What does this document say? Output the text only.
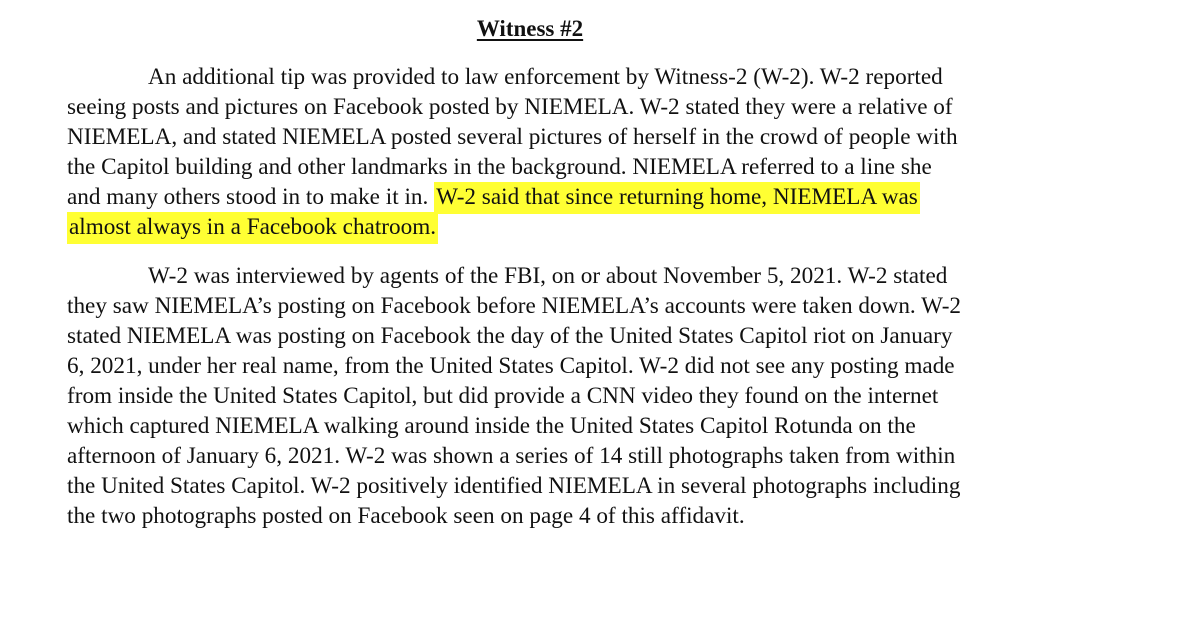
Witness #2
An additional tip was provided to law enforcement by Witness-2 (W-2). W-2 reported
seeing posts and pictures on Facebook posted by NIEMELA. W-2 stated they were a relative of
NIEMELA, and stated NIEMELA posted several pictures of herself in the crowd of people with
the Capitol building and other landmarks in the background. NIEMELA referred to a line she
and many others stood in to make it in. W-2 said that since returning home, NIEMELA was
almost always in a Facebook chatroom.
W-2 was interviewed by agents of the FBI, on or about November 5, 2021. W-2 stated
they saw NIEMELA’s posting on Facebook before NIEMELA’s accounts were taken down. W-2
stated NIEMELA was posting on Facebook the day of the United States Capitol riot on January
6, 2021, under her real name, from the United States Capitol. W-2 did not see any posting made
from inside the United States Capitol, but did provide a CNN video they found on the internet
which captured NIEMELA walking around inside the United States Capitol Rotunda on the
afternoon of January 6, 2021. W-2 was shown a series of 14 still photographs taken from within
the United States Capitol. W-2 positively identified NIEMELA in several photographs including
the two photographs posted on Facebook seen on page 4 of this affidavit.
